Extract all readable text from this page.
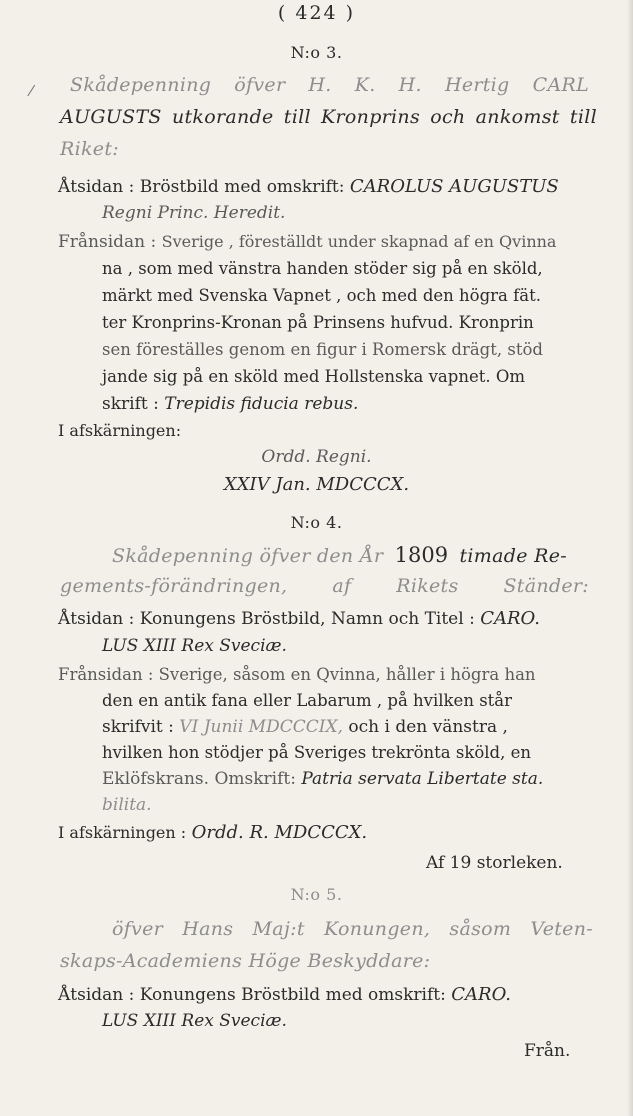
( 424 )
⁄
N:o 3.
Skådepenning öfver H. K. H. Hertig CARL
AUGUSTS utkorande till Kronprins och ankomst till
Riket:
Åtsidan : Bröstbild med omskrift: CAROLUS AUGUSTUS
Regni Princ. Heredit.
Frånsidan : Sverige , föreställdt under skapnad af en Qvinna
na , som med vänstra handen stöder sig på en sköld,
märkt med Svenska Vapnet , och med den högra fät.
ter Kronprins-Kronan på Prinsens hufvud. Kronprin
sen föreställes genom en figur i Romersk drägt, stöd
jande sig på en sköld med Hollstenska vapnet. Om
skrift : Trepidis fiducia rebus.
I afskärningen:
Ordd. Regni.
XXIV Jan. MDCCCX.
N:o 4.
Skådepenning öfver den År 1809 timade Re-
gements-förändringen, af Rikets Ständer:
Åtsidan : Konungens Bröstbild, Namn och Titel : CARO.
LUS XIII Rex Sveciæ.
Frånsidan : Sverige, såsom en Qvinna, håller i högra han
den en antik fana eller Labarum , på hvilken står
skrifvit : VI Junii MDCCCIX, och i den vänstra ,
hvilken hon stödjer på Sveriges trekrönta sköld, en
Eklöfskrans. Omskrift: Patria servata Libertate sta.
bilita.
I afskärningen : Ordd. R. MDCCCX.
Af 19 storleken.
N:o 5.
öfver Hans Maj:t Konungen, såsom Veten-
skaps-Academiens Höge Beskyddare:
Åtsidan : Konungens Bröstbild med omskrift: CARO.
LUS XIII Rex Sveciæ.
Från.
